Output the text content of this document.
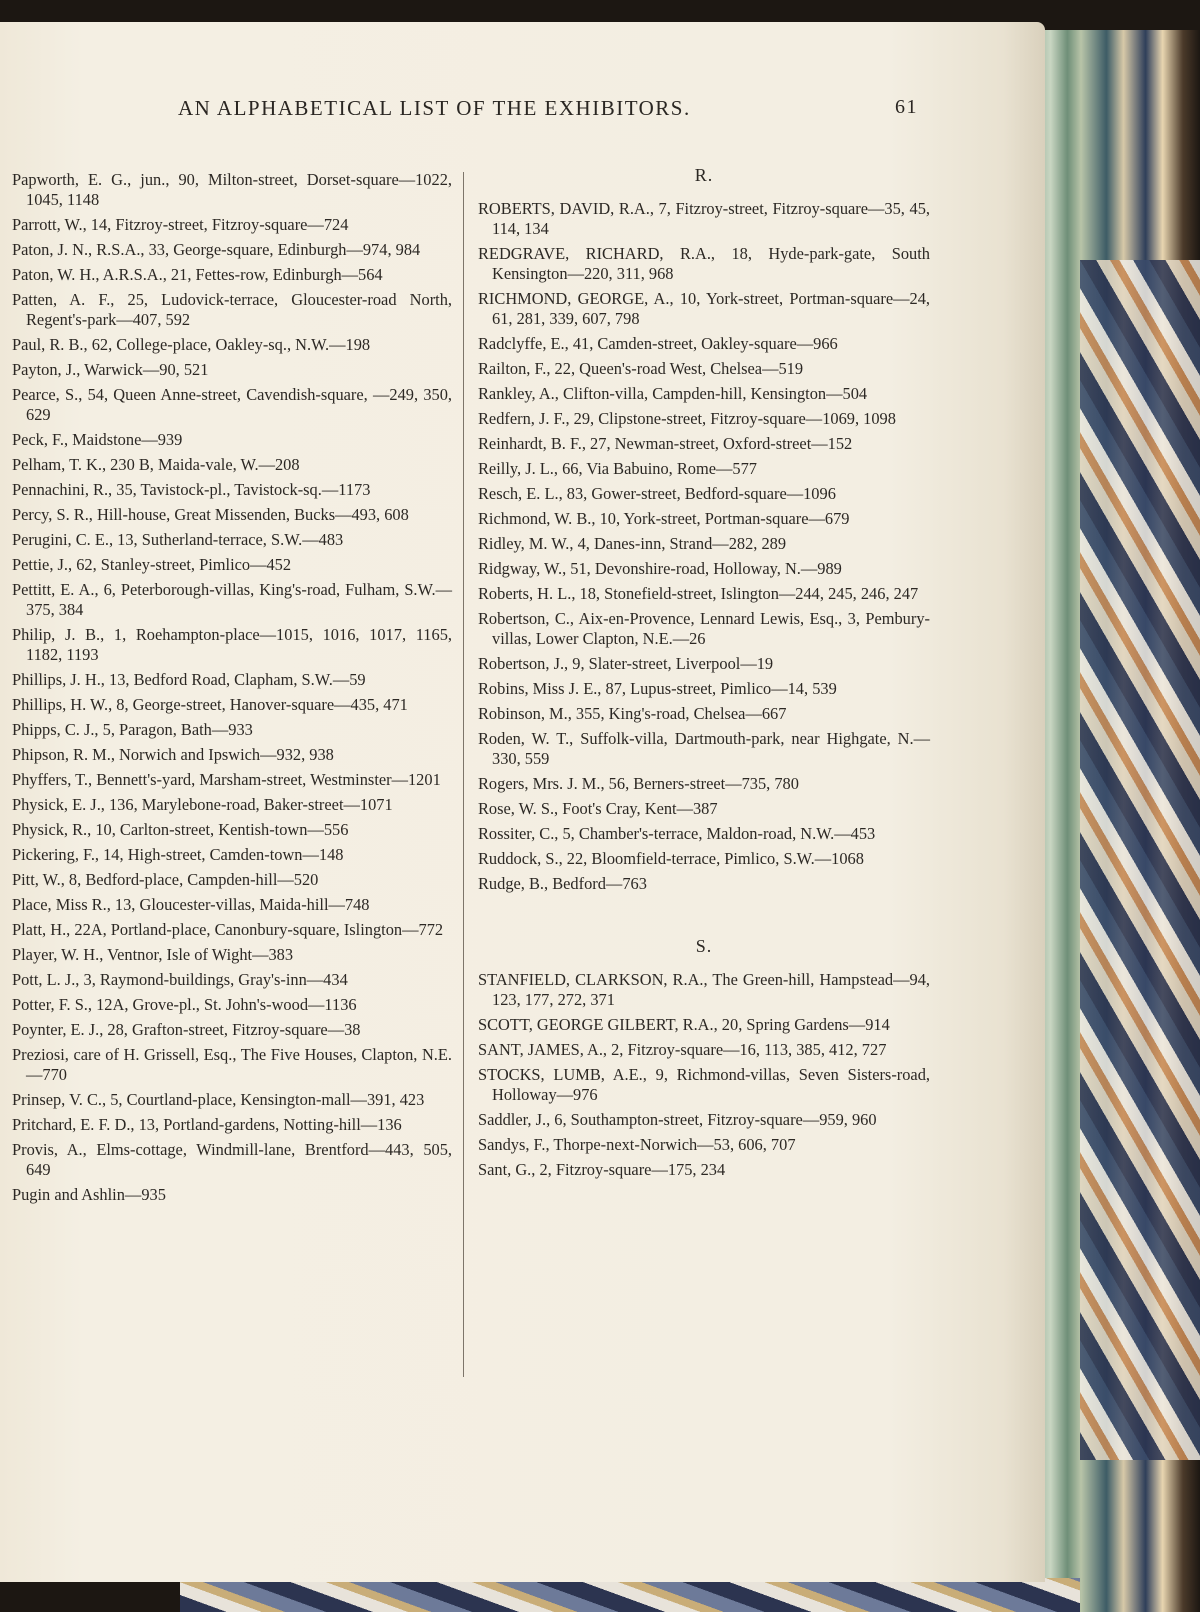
AN ALPHABETICAL LIST OF THE EXHIBITORS.	61

Papworth, E. G., jun., 90, Milton-street, Dorset-square—1022, 1045, 1148

Parrott, W., 14, Fitzroy-street, Fitzroy-square—724

Paton, J. N., R.S.A., 33, George-square, Edinburgh—974, 984

Paton, W. H., A.R.S.A., 21, Fettes-row, Edinburgh—564

Patten, A. F., 25, Ludovick-terrace, Gloucester-road North, Regent's-park—407, 592

Paul, R. B., 62, College-place, Oakley-sq., N.W.—198

Payton, J., Warwick—90, 521

Pearce, S., 54, Queen Anne-street, Cavendish-square, —249, 350, 629

Peck, F., Maidstone—939

Pelham, T. K., 230 B, Maida-vale, W.—208

Pennachini, R., 35, Tavistock-pl., Tavistock-sq.—1173

Percy, S. R., Hill-house, Great Missenden, Bucks—493, 608

Perugini, C. E., 13, Sutherland-terrace, S.W.—483

Pettie, J., 62, Stanley-street, Pimlico—452

Pettitt, E. A., 6, Peterborough-villas, King's-road, Fulham, S.W.—375, 384

Philip, J. B., 1, Roehampton-place—1015, 1016, 1017, 1165, 1182, 1193

Phillips, J. H., 13, Bedford Road, Clapham, S.W.—59

Phillips, H. W., 8, George-street, Hanover-square—435, 471

Phipps, C. J., 5, Paragon, Bath—933

Phipson, R. M., Norwich and Ipswich—932, 938

Phyffers, T., Bennett's-yard, Marsham-street, Westminster—1201

Physick, E. J., 136, Marylebone-road, Baker-street—1071

Physick, R., 10, Carlton-street, Kentish-town—556

Pickering, F., 14, High-street, Camden-town—148

Pitt, W., 8, Bedford-place, Campden-hill—520

Place, Miss R., 13, Gloucester-villas, Maida-hill—748

Platt, H., 22A, Portland-place, Canonbury-square, Islington—772

Player, W. H., Ventnor, Isle of Wight—383

Pott, L. J., 3, Raymond-buildings, Gray's-inn—434

Potter, F. S., 12A, Grove-pl., St. John's-wood—1136

Poynter, E. J., 28, Grafton-street, Fitzroy-square—38

Preziosi, care of H. Grissell, Esq., The Five Houses, Clapton, N.E.—770

Prinsep, V. C., 5, Courtland-place, Kensington-mall—391, 423

Pritchard, E. F. D., 13, Portland-gardens, Notting-hill—136

Provis, A., Elms-cottage, Windmill-lane, Brentford—443, 505, 649

Pugin and Ashlin—935

R.

ROBERTS, DAVID, R.A., 7, Fitzroy-street, Fitzroy-square—35, 45, 114, 134

REDGRAVE, RICHARD, R.A., 18, Hyde-park-gate, South Kensington—220, 311, 968

RICHMOND, GEORGE, A., 10, York-street, Portman-square—24, 61, 281, 339, 607, 798

Radclyffe, E., 41, Camden-street, Oakley-square—966

Railton, F., 22, Queen's-road West, Chelsea—519

Rankley, A., Clifton-villa, Campden-hill, Kensington—504

Redfern, J. F., 29, Clipstone-street, Fitzroy-square—1069, 1098

Reinhardt, B. F., 27, Newman-street, Oxford-street—152

Reilly, J. L., 66, Via Babuino, Rome—577

Resch, E. L., 83, Gower-street, Bedford-square—1096

Richmond, W. B., 10, York-street, Portman-square—679

Ridley, M. W., 4, Danes-inn, Strand—282, 289

Ridgway, W., 51, Devonshire-road, Holloway, N.—989

Roberts, H. L., 18, Stonefield-street, Islington—244, 245, 246, 247

Robertson, C., Aix-en-Provence, Lennard Lewis, Esq., 3, Pembury-villas, Lower Clapton, N.E.—26

Robertson, J., 9, Slater-street, Liverpool—19

Robins, Miss J. E., 87, Lupus-street, Pimlico—14, 539

Robinson, M., 355, King's-road, Chelsea—667

Roden, W. T., Suffolk-villa, Dartmouth-park, near Highgate, N.—330, 559

Rogers, Mrs. J. M., 56, Berners-street—735, 780

Rose, W. S., Foot's Cray, Kent—387

Rossiter, C., 5, Chamber's-terrace, Maldon-road, N.W.—453

Ruddock, S., 22, Bloomfield-terrace, Pimlico, S.W.—1068

Rudge, B., Bedford—763

S.

STANFIELD, CLARKSON, R.A., The Green-hill, Hampstead—94, 123, 177, 272, 371

SCOTT, GEORGE GILBERT, R.A., 20, Spring Gardens—914

SANT, JAMES, A., 2, Fitzroy-square—16, 113, 385, 412, 727

STOCKS, LUMB, A.E., 9, Richmond-villas, Seven Sisters-road, Holloway—976

Saddler, J., 6, Southampton-street, Fitzroy-square—959, 960

Sandys, F., Thorpe-next-Norwich—53, 606, 707

Sant, G., 2, Fitzroy-square—175, 234
